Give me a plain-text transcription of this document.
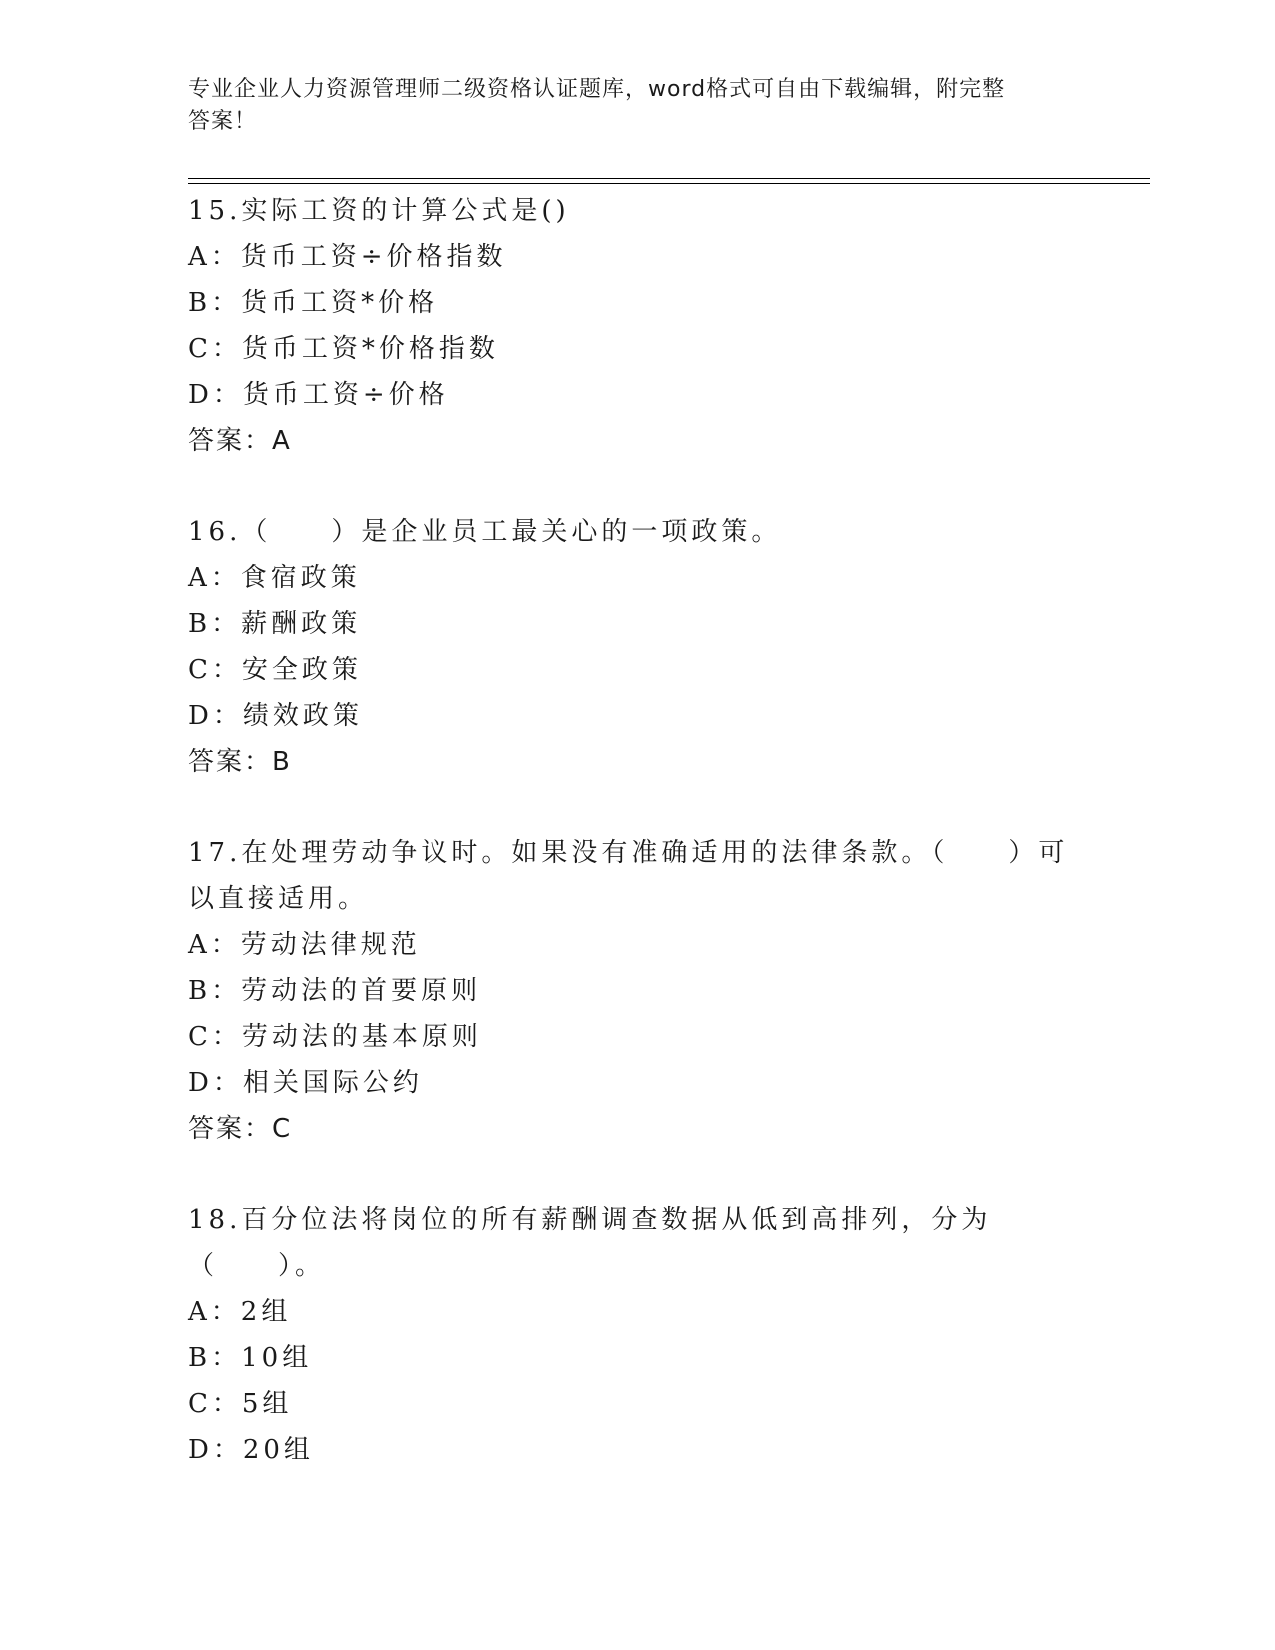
专业企业人力资源管理师二级资格认证题库，word格式可自由下载编辑，附完整
答案！
15.实际工资的计算公式是()
A：货币工资÷价格指数
B：货币工资*价格
C：货币工资*价格指数
D：货币工资÷价格
答案：A
16.（　　）是企业员工最关心的一项政策。
A：食宿政策
B：薪酬政策
C：安全政策
D：绩效政策
答案：B
17.在处理劳动争议时。如果没有准确适用的法律条款。（　　）可以直接适用。
A：劳动法律规范
B：劳动法的首要原则
C：劳动法的基本原则
D：相关国际公约
答案：C
18.百分位法将岗位的所有薪酬调查数据从低到高排列，分为（　　）。
A：2组
B：10组
C：5组
D：20组
